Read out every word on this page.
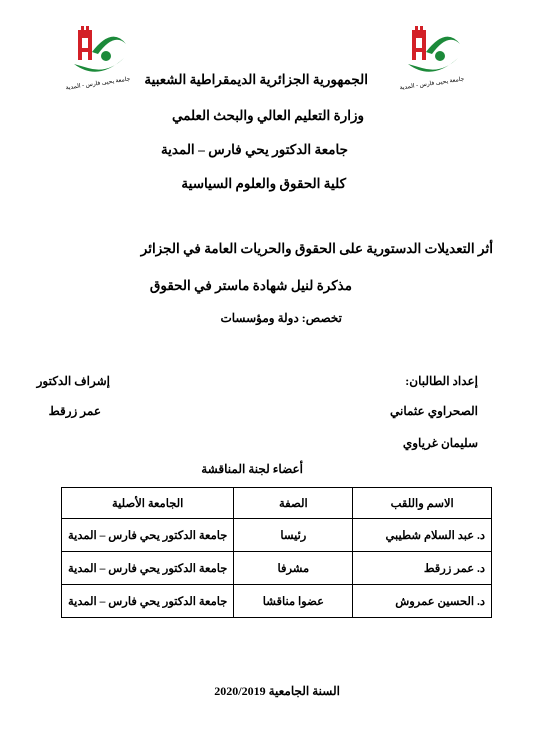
جامعة يحيى فارس - المدية	جامعة يحيى فارس - المدية
الجمهورية الجزائرية الديمقراطية الشعبية
وزارة التعليم العالي والبحث العلمي
جامعة الدكتور يحي فارس – المدية
كلية الحقوق والعلوم السياسية
أثر التعديلات الدستورية على الحقوق والحريات العامة في الجزائر
مذكرة لنيل شهادة ماستر في الحقوق
تخصص: دولة ومؤسسات
إعداد الطالبان:
الصحراوي عثماني
سليمان غرياوي
إشراف الدكتور
عمر زرقط
أعضاء لجنة المناقشة
الاسم واللقب	الصفة	الجامعة الأصلية
د. عبد السلام شطيبي	رئيسا	جامعة الدكتور يحي فارس – المدية
د. عمر زرقط	مشرفا	جامعة الدكتور يحي فارس – المدية
د. الحسين عمروش	عضوا مناقشا	جامعة الدكتور يحي فارس – المدية
السنة الجامعية 2020/2019
